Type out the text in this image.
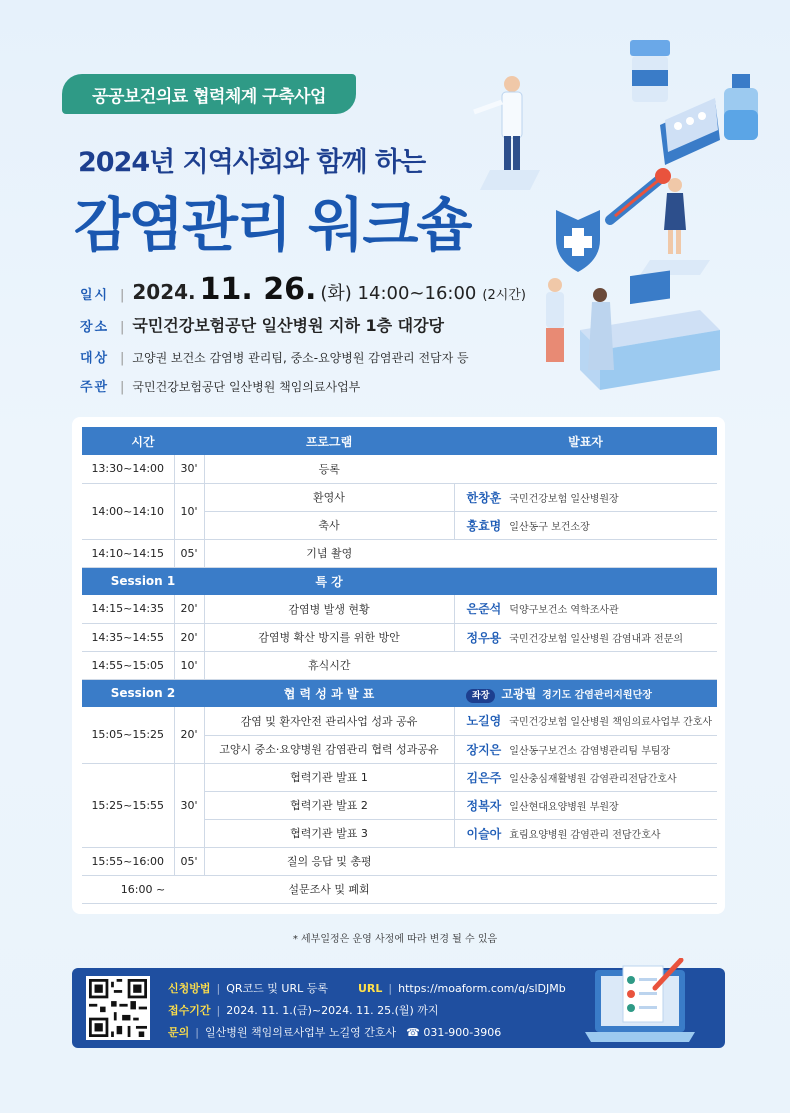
공공보건의료 협력체계 구축사업
2024년 지역사회와 함께 하는
감염관리 워크숍
일시 | 2024. 11. 26. (화) 14:00~16:00 (2시간)
장소 | 국민건강보험공단 일산병원 지하 1층 대강당
대상 | 고양권 보건소 감염병 관리팀, 중소-요양병원 감염관리 전담자 등
주관 | 국민건강보험공단 일산병원 책임의료사업부
시간		프로그램	발표자
13:30~14:00	30'	등록	
14:00~14:10	10'	환영사	한창훈 국민건강보험 일산병원장
		축사	홍효명 일산동구 보건소장
14:10~14:15	05'	기념 촬영	
Session 1		특 강	
14:15~14:35	20'	감염병 발생 현황	은준석 덕양구보건소 역학조사관
14:35~14:55	20'	감염병 확산 방지를 위한 방안	정우용 국민건강보험 일산병원 감염내과 전문의
14:55~15:05	10'	휴식시간	
Session 2		협 력 성 과 발 표	좌장 고광필 경기도 감염관리지원단장
15:05~15:25	20'	감염 및 환자안전 관리사업 성과 공유	노길영 국민건강보험 일산병원 책임의료사업부 간호사
		고양시 중소·요양병원 감염관리 협력 성과공유	장지은 일산동구보건소 감염병관리팀 부팀장
15:25~15:55	30'	협력기관 발표 1	김은주 일산충심재활병원 감염관리전담간호사
		협력기관 발표 2	정복자 일산현대요양병원 부원장
		협력기관 발표 3	이슬아 효림요양병원 감염관리 전담간호사
15:55~16:00	05'	질의 응답 및 총평	
16:00 ~		설문조사 및 폐회	
* 세부일정은 운영 사정에 따라 변경 될 수 있음
신청방법 | QR코드 및 URL 등록	URL | https://moaform.com/q/slDJMb
접수기간 | 2024. 11. 1.(금)~2024. 11. 25.(월) 까지
문의 | 일산병원 책임의료사업부 노길영 간호사 ☎ 031-900-3906
